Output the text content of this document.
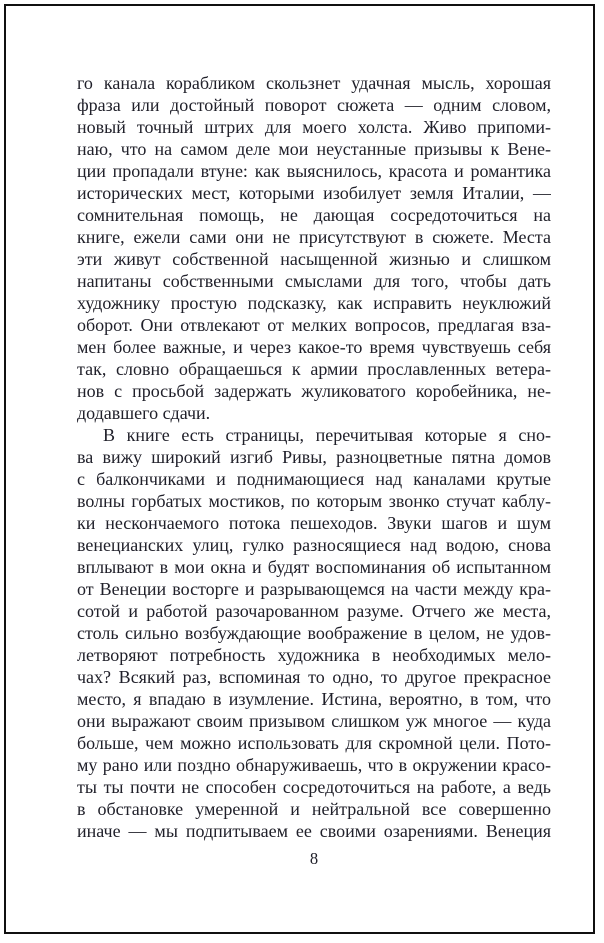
го канала корабликом скользнет удачная мысль, хорошая
фраза или достойный поворот сюжета — одним словом,
новый точный штрих для моего холста. Живо припоми-
наю, что на самом деле мои неустанные призывы к Вене-
ции пропадали втуне: как выяснилось, красота и романтика
исторических мест, которыми изобилует земля Италии, —
сомнительная помощь, не дающая сосредоточиться на
книге, ежели сами они не присутствуют в сюжете. Места
эти живут собственной насыщенной жизнью и слишком
напитаны собственными смыслами для того, чтобы дать
художнику простую подсказку, как исправить неуклюжий
оборот. Они отвлекают от мелких вопросов, предлагая вза-
мен более важные, и через какое-то время чувствуешь себя
так, словно обращаешься к армии прославленных ветера-
нов с просьбой задержать жуликоватого коробейника, не-
додавшего сдачи.
В книге есть страницы, перечитывая которые я сно-
ва вижу широкий изгиб Ривы, разноцветные пятна домов
с балкончиками и поднимающиеся над каналами крутые
волны горбатых мостиков, по которым звонко стучат каблу-
ки нескончаемого потока пешеходов. Звуки шагов и шум
венецианских улиц, гулко разносящиеся над водою, снова
вплывают в мои окна и будят воспоминания об испытанном
от Венеции восторге и разрывающемся на части между кра-
сотой и работой разочарованном разуме. Отчего же места,
столь сильно возбуждающие воображение в целом, не удов-
летворяют потребность художника в необходимых мело-
чах? Всякий раз, вспоминая то одно, то другое прекрасное
место, я впадаю в изумление. Истина, вероятно, в том, что
они выражают своим призывом слишком уж многое — куда
больше, чем можно использовать для скромной цели. Пото-
му рано или поздно обнаруживаешь, что в окружении красо-
ты ты почти не способен сосредоточиться на работе, а ведь
в обстановке умеренной и нейтральной все совершенно
иначе — мы подпитываем ее своими озарениями. Венеция
8
